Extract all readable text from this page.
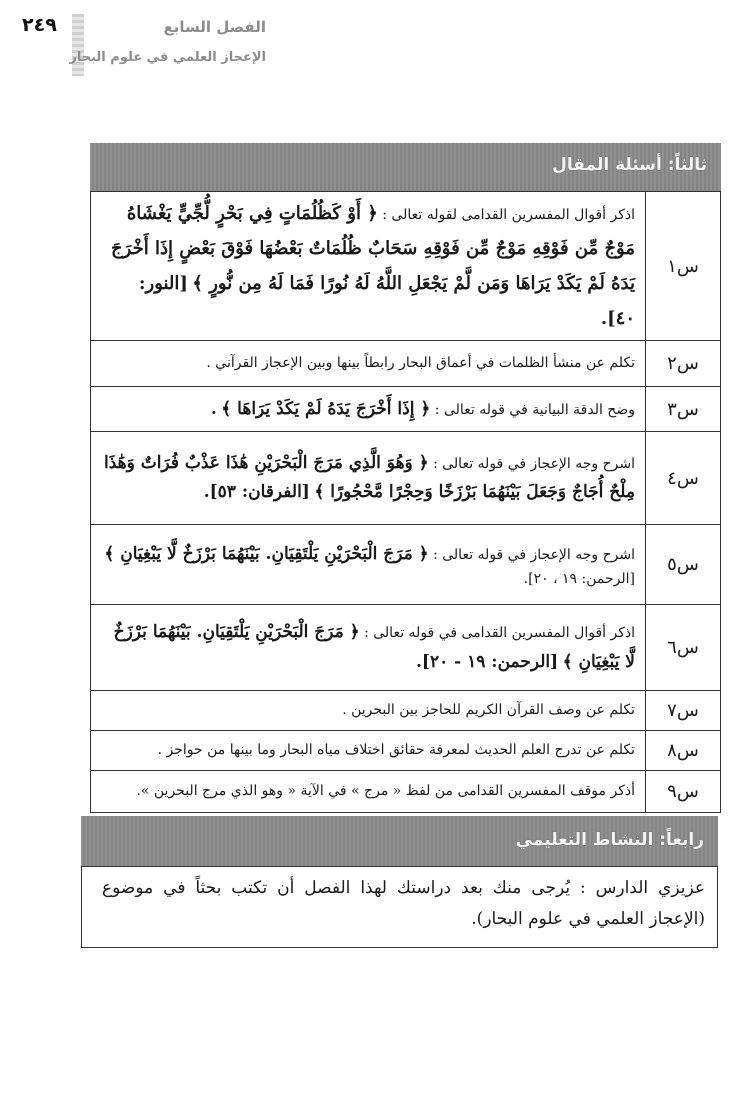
٢٤٩	الفصل السابع
الإعجاز العلمي في علوم البحار
ثالثاً: أسئلة المقال
س١	اذكر أقوال المفسرين القدامى لقوله تعالى : ﴿ أَوْ كَظُلُمَاتٍ فِي بَحْرٍ لُّجِّيٍّ يَغْشَاهُ مَوْجٌ مِّن فَوْقِهِ مَوْجٌ مِّن فَوْقِهِ سَحَابٌ ظُلُمَاتٌ بَعْضُهَا فَوْقَ بَعْضٍ إِذَا أَخْرَجَ يَدَهُ لَمْ يَكَدْ يَرَاهَا وَمَن لَّمْ يَجْعَلِ اللَّهُ لَهُ نُورًا فَمَا لَهُ مِن نُّورٍ ﴾ [النور: ٤٠].
س٢	تكلم عن منشأ الظلمات في أعماق البحار رابطاً بينها وبين الإعجاز القرآني .
س٣	وضح الدقة البيانية في قوله تعالى : ﴿ إِذَا أَخْرَجَ يَدَهُ لَمْ يَكَدْ يَرَاهَا ﴾ .
س٤	اشرح وجه الإعجاز في قوله تعالى : ﴿ وَهُوَ الَّذِي مَرَجَ الْبَحْرَيْنِ هَٰذَا عَذْبٌ فُرَاتٌ وَهَٰذَا مِلْحٌ أُجَاجٌ وَجَعَلَ بَيْنَهُمَا بَرْزَخًا وَحِجْرًا مَّحْجُورًا ﴾ [الفرقان: ٥٣].
س٥	اشرح وجه الإعجاز في قوله تعالى : ﴿ مَرَجَ الْبَحْرَيْنِ يَلْتَقِيَانِ. بَيْنَهُمَا بَرْزَخٌ لَّا يَبْغِيَانِ ﴾ [الرحمن: ١٩ ، ٢٠].
س٦	اذكر أقوال المفسرين القدامى في قوله تعالى : ﴿ مَرَجَ الْبَحْرَيْنِ يَلْتَقِيَانِ. بَيْنَهُمَا بَرْزَخٌ لَّا يَبْغِيَانِ ﴾ [الرحمن: ١٩ - ٢٠].
س٧	تكلم عن وصف القرآن الكريم للحاجز بين البحرين .
س٨	تكلم عن تدرج العلم الحديث لمعرفة حقائق اختلاف مياه البحار وما بينها من حواجز .
س٩	أذكر موقف المفسرين القدامى من لفظ « مرج » في الآية « وهو الذي مرج البحرين ».
رابعاً: النشاط التعليمي
عزيزي الدارس : يُرجى منك بعد دراستك لهذا الفصل أن تكتب بحثاً في موضوع (الإعجاز العلمي في علوم البحار).
